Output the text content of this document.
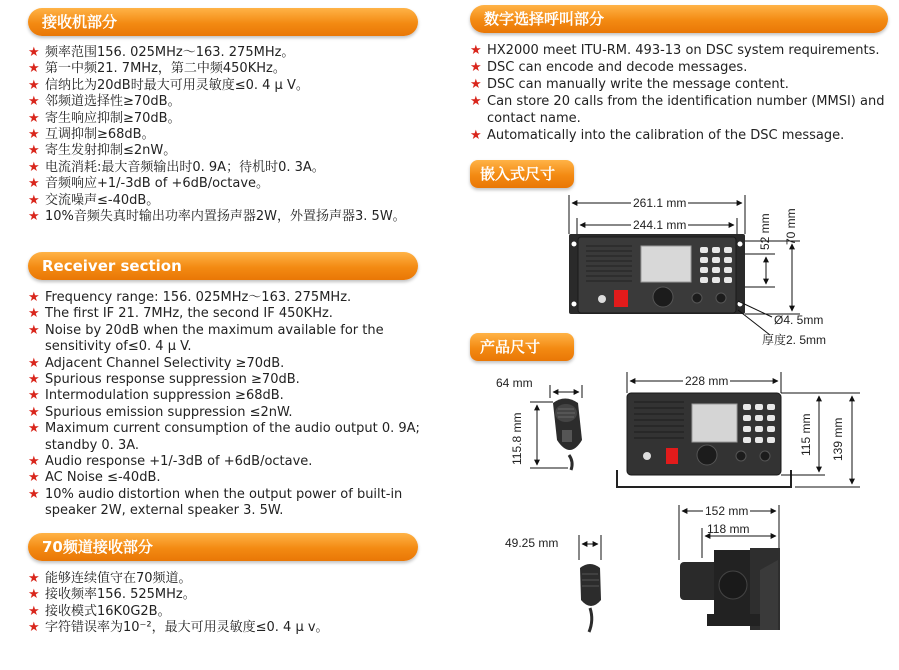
接收机部分
★ 频率范围156. 025MHz～163. 275MHz。
★ 第一中频21. 7MHz，第二中频450KHz。
★ 信纳比为20dB时最大可用灵敏度≤0. 4 μ V。
★ 邻频道选择性≥70dB。
★ 寄生响应抑制≥70dB。
★ 互调抑制≥68dB。
★ 寄生发射抑制≤2nW。
★ 电流消耗:最大音频输出时0. 9A；待机时0. 3A。
★ 音频响应+1/-3dB of +6dB/octave。
★ 交流噪声≤-40dB。
★ 10%音频失真时输出功率内置扬声器2W，外置扬声器3. 5W。
Receiver section
★ Frequency range: 156. 025MHz～163. 275MHz.
★ The first IF 21. 7MHz, the second IF 450KHz.
★ Noise by 20dB when the maximum available for the sensitivity of≤0. 4 μ V.
★ Adjacent Channel Selectivity ≥70dB.
★ Spurious response suppression ≥70dB.
★ Intermodulation suppression ≥68dB.
★ Spurious emission suppression ≤2nW.
★ Maximum current consumption of the audio output 0. 9A; standby 0. 3A.
★ Audio response +1/-3dB of +6dB/octave.
★ AC Noise ≤-40dB.
★ 10% audio distortion when the output power of built-in speaker 2W, external speaker 3. 5W.
70频道接收部分
★ 能够连续值守在70频道。
★ 接收频率156. 525MHz。
★ 接收模式16K0G2B。
★ 字符错误率为10⁻²，最大可用灵敏度≤0. 4 μ v。
数字选择呼叫部分
★ HX2000 meet ITU-RM. 493-13 on DSC system requirements.
★ DSC can encode and decode messages.
★ DSC can manually write the message content.
★ Can store 20 calls from the identification number (MMSI) and contact name.
★ Automatically into the calibration of the DSC message.
嵌入式尺寸
产品尺寸
261.1 mm
244.1 mm	52 mm 70 mm
Ø4. 5mm
厚度2. 5mm
64 mm
115.8 mm
228 mm
115 mm 139 mm
152 mm
118 mm
49.25 mm
